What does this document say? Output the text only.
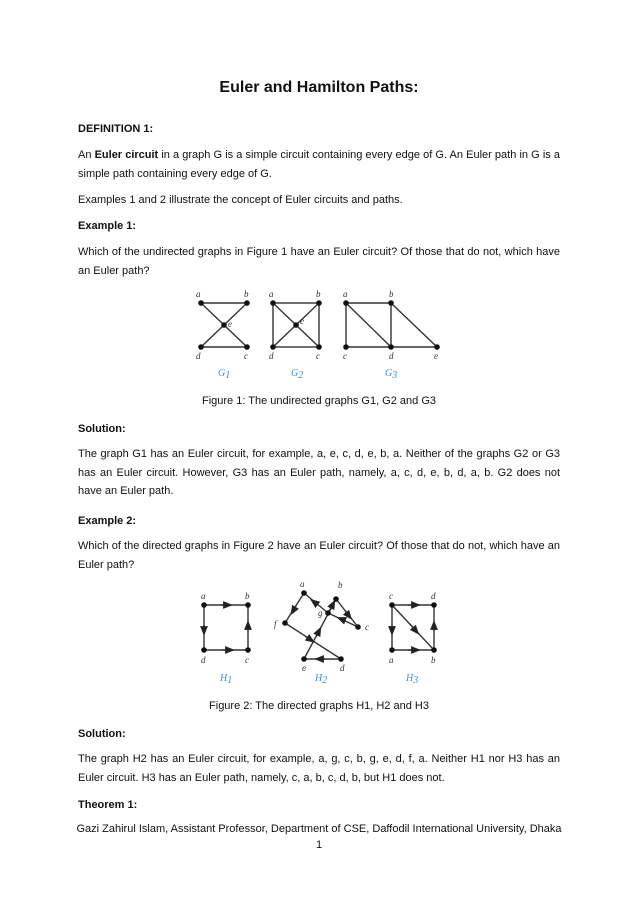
Euler and Hamilton Paths:
DEFINITION 1:
An Euler circuit in a graph G is a simple circuit containing every edge of G. An Euler path in G is a simple path containing every edge of G.
Examples 1 and 2 illustrate the concept of Euler circuits and paths.
Example 1:
Which of the undirected graphs in Figure 1 have an Euler circuit? Of those that do not, which have an Euler path?
a	b
e
d	c
a	b
e
d	c
a	b
c	d	e
G1	G2	G3
Figure 1: The undirected graphs G1, G2 and G3
Solution:
The graph G1 has an Euler circuit, for example, a, e, c, d, e, b, a. Neither of the graphs G2 or G3 has an Euler circuit. However, G3 has an Euler path, namely, a, c, d, e, b, d, a, b. G2 does not have an Euler path.
Example 2:
Which of the directed graphs in Figure 2 have an Euler circuit? Of those that do not, which have an Euler path?
a	b
d	c
a	b
g
f	c
e	d
c	d
a	b
H1	H2	H3
Figure 2: The directed graphs H1, H2 and H3
Solution:
The graph H2 has an Euler circuit, for example, a, g, c, b, g, e, d, f, a. Neither H1 nor H3 has an Euler circuit. H3 has an Euler path, namely, c, a, b, c, d, b, but H1 does not.
Theorem 1:
Gazi Zahirul Islam, Assistant Professor, Department of CSE, Daffodil International University, Dhaka
1
